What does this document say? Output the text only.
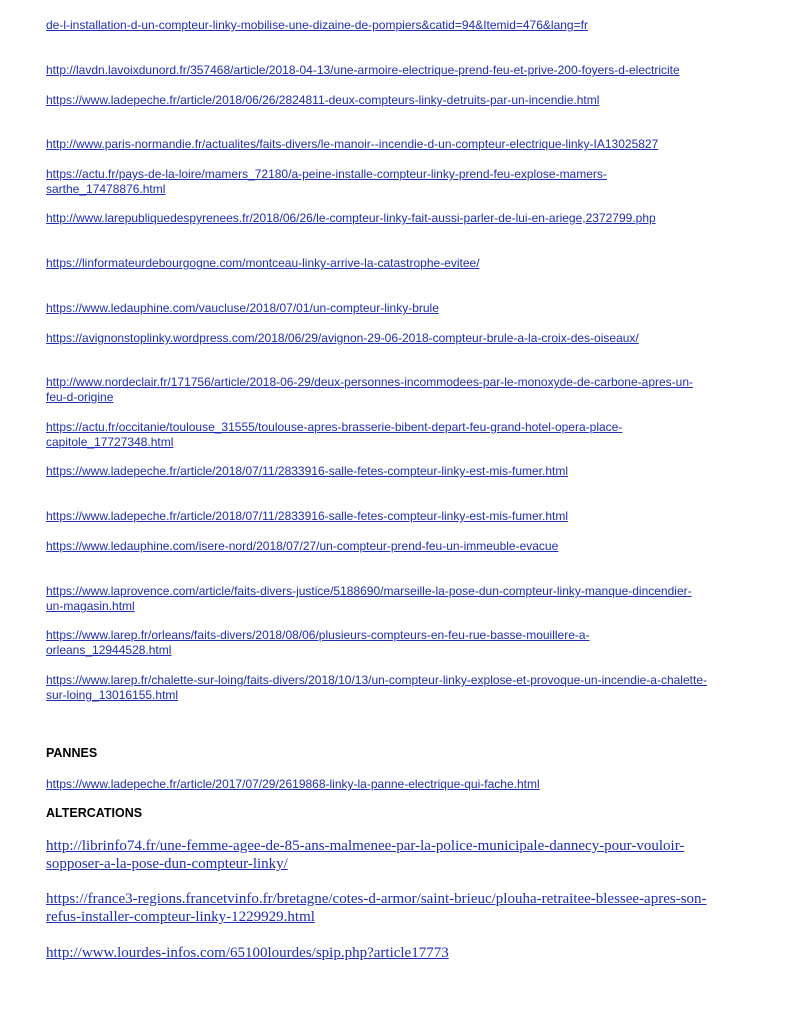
de-l-installation-d-un-compteur-linky-mobilise-une-dizaine-de-pompiers&catid=94&Itemid=476&lang=fr
http://lavdn.lavoixdunord.fr/357468/article/2018-04-13/une-armoire-electrique-prend-feu-et-prive-200-foyers-d-electricite
https://www.ladepeche.fr/article/2018/06/26/2824811-deux-compteurs-linky-detruits-par-un-incendie.html
http://www.paris-normandie.fr/actualites/faits-divers/le-manoir--incendie-d-un-compteur-electrique-linky-IA13025827
https://actu.fr/pays-de-la-loire/mamers_72180/a-peine-installe-compteur-linky-prend-feu-explose-mamers-
sarthe_17478876.html
http://www.larepubliquedespyrenees.fr/2018/06/26/le-compteur-linky-fait-aussi-parler-de-lui-en-ariege,2372799.php
https://linformateurdebourgogne.com/montceau-linky-arrive-la-catastrophe-evitee/
https://www.ledauphine.com/vaucluse/2018/07/01/un-compteur-linky-brule
https://avignonstoplinky.wordpress.com/2018/06/29/avignon-29-06-2018-compteur-brule-a-la-croix-des-oiseaux/
http://www.nordeclair.fr/171756/article/2018-06-29/deux-personnes-incommodees-par-le-monoxyde-de-carbone-apres-un-
feu-d-origine
https://actu.fr/occitanie/toulouse_31555/toulouse-apres-brasserie-bibent-depart-feu-grand-hotel-opera-place-
capitole_17727348.html
https://www.ladepeche.fr/article/2018/07/11/2833916-salle-fetes-compteur-linky-est-mis-fumer.html
https://www.ladepeche.fr/article/2018/07/11/2833916-salle-fetes-compteur-linky-est-mis-fumer.html
https://www.ledauphine.com/isere-nord/2018/07/27/un-compteur-prend-feu-un-immeuble-evacue
https://www.laprovence.com/article/faits-divers-justice/5188690/marseille-la-pose-dun-compteur-linky-manque-dincendier-
un-magasin.html
https://www.larep.fr/orleans/faits-divers/2018/08/06/plusieurs-compteurs-en-feu-rue-basse-mouillere-a-
orleans_12944528.html
https://www.larep.fr/chalette-sur-loing/faits-divers/2018/10/13/un-compteur-linky-explose-et-provoque-un-incendie-a-chalette-
sur-loing_13016155.html
PANNES
https://www.ladepeche.fr/article/2017/07/29/2619868-linky-la-panne-electrique-qui-fache.html
ALTERCATIONS
http://librinfo74.fr/une-femme-agee-de-85-ans-malmenee-par-la-police-municipale-dannecy-pour-vouloir-
sopposer-a-la-pose-dun-compteur-linky/
https://france3-regions.francetvinfo.fr/bretagne/cotes-d-armor/saint-brieuc/plouha-retraitee-blessee-apres-son-
refus-installer-compteur-linky-1229929.html
http://www.lourdes-infos.com/65100lourdes/spip.php?article17773
